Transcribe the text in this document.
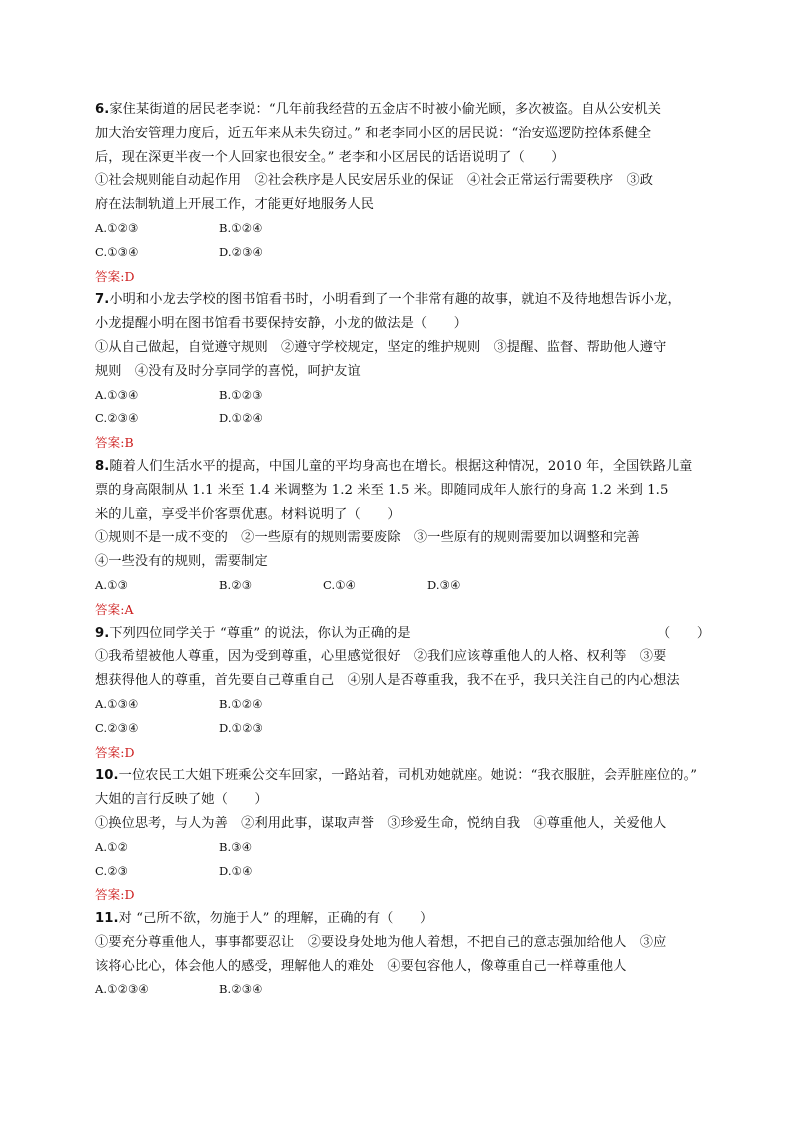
6.家住某街道的居民老李说：“几年前我经营的五金店不时被小偷光顾，多次被盗。自从公安机关
加大治安管理力度后，近五年来从未失窃过。” 和老李同小区的居民说：“治安巡逻防控体系健全
后，现在深更半夜一个人回家也很安全。” 老李和小区居民的话语说明了（　　）
①社会规则能自动起作用　②社会秩序是人民安居乐业的保证　④社会正常运行需要秩序　③政
府在法制轨道上开展工作，才能更好地服务人民
A.①②③	B.①②④
C.①③④	D.②③④
答案:D
7.小明和小龙去学校的图书馆看书时，小明看到了一个非常有趣的故事，就迫不及待地想告诉小龙，
小龙提醒小明在图书馆看书要保持安静，小龙的做法是（　　）
①从自己做起，自觉遵守规则　②遵守学校规定，坚定的维护规则　③提醒、监督、帮助他人遵守
规则　④没有及时分享同学的喜悦，呵护友谊
A.①③④	B.①②③
C.②③④	D.①②④
答案:B
8.随着人们生活水平的提高，中国儿童的平均身高也在增长。根据这种情况，2010 年，全国铁路儿童
票的身高限制从 1.1 米至 1.4 米调整为 1.2 米至 1.5 米。即随同成年人旅行的身高 1.2 米到 1.5
米的儿童，享受半价客票优惠。材料说明了（　　）
①规则不是一成不变的　②一些原有的规则需要废除　③一些原有的规则需要加以调整和完善
④一些没有的规则，需要制定
A.①③	B.②③	C.①④	D.③④
答案:A
9.下列四位同学关于 “尊重” 的说法，你认为正确的是	（　　）
①我希望被他人尊重，因为受到尊重，心里感觉很好　②我们应该尊重他人的人格、权利等　③要
想获得他人的尊重，首先要自己尊重自己　④别人是否尊重我，我不在乎，我只关注自己的内心想法
A.①③④	B.①②④
C.②③④	D.①②③
答案:D
10.一位农民工大姐下班乘公交车回家，一路站着，司机劝她就座。她说：“我衣服脏，会弄脏座位的。”
大姐的言行反映了她（　　）
①换位思考，与人为善　②利用此事，谋取声誉　③珍爱生命，悦纳自我　④尊重他人，关爱他人
A.①②	B.③④
C.②③	D.①④
答案:D
11.对 “己所不欲，勿施于人” 的理解，正确的有（　　）
①要充分尊重他人，事事都要忍让　②要设身处地为他人着想，不把自己的意志强加给他人　③应
该将心比心，体会他人的感受，理解他人的难处　④要包容他人，像尊重自己一样尊重他人
A.①②③④	B.②③④
